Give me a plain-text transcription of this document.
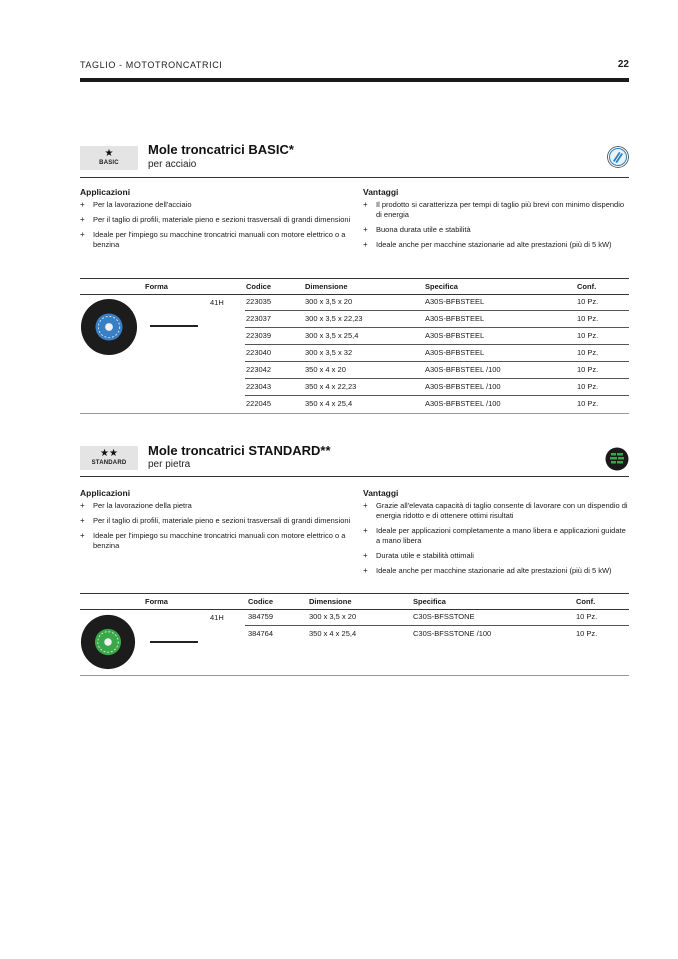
TAGLIO - MOTOTRONCATRICI	22
★
BASIC
Mole troncatrici BASIC*
per acciaio
Applicazioni
+ Per la lavorazione dell'acciaio
+ Per il taglio di profili, materiale pieno e sezioni trasversali di grandi dimensioni
+ Ideale per l'impiego su macchine troncatrici manuali con motore elettrico o a benzina
Vantaggi
+ Il prodotto si caratterizza per tempi di taglio più brevi con minimo dispendio di energia
+ Buona durata utile e stabilità
+ Ideale anche per macchine stazionarie ad alte prestazioni (più di 5 kW)
Forma	Codice	Dimensione	Specifica	Conf.
41H	223035	300 x 3,5 x 20	A30S-BFBSTEEL	10 Pz.
223037	300 x 3,5 x 22,23	A30S-BFBSTEEL	10 Pz.
223039	300 x 3,5 x 25,4	A30S-BFBSTEEL	10 Pz.
223040	300 x 3,5 x 32	A30S-BFBSTEEL	10 Pz.
223042	350 x 4 x 20	A30S-BFBSTEEL /100	10 Pz.
223043	350 x 4 x 22,23	A30S-BFBSTEEL /100	10 Pz.
222045	350 x 4 x 25,4	A30S-BFBSTEEL /100	10 Pz.
★★
STANDARD
Mole troncatrici STANDARD**
per pietra
Applicazioni
+ Per la lavorazione della pietra
+ Per il taglio di profili, materiale pieno e sezioni trasversali di grandi dimensioni
+ Ideale per l'impiego su macchine troncatrici manuali con motore elettrico o a benzina
Vantaggi
+ Grazie all'elevata capacità di taglio consente di lavorare con un dispendio di energia ridotto e di ottenere ottimi risultati
+ Ideale per applicazioni completamente a mano libera e applicazioni guidate a mano libera
+ Durata utile e stabilità ottimali
+ Ideale anche per macchine stazionarie ad alte prestazioni (più di 5 kW)
Forma	Codice	Dimensione	Specifica	Conf.
41H	384759	300 x 3,5 x 20	C30S-BFSSTONE	10 Pz.
384764	350 x 4 x 25,4	C30S-BFSSTONE /100	10 Pz.
